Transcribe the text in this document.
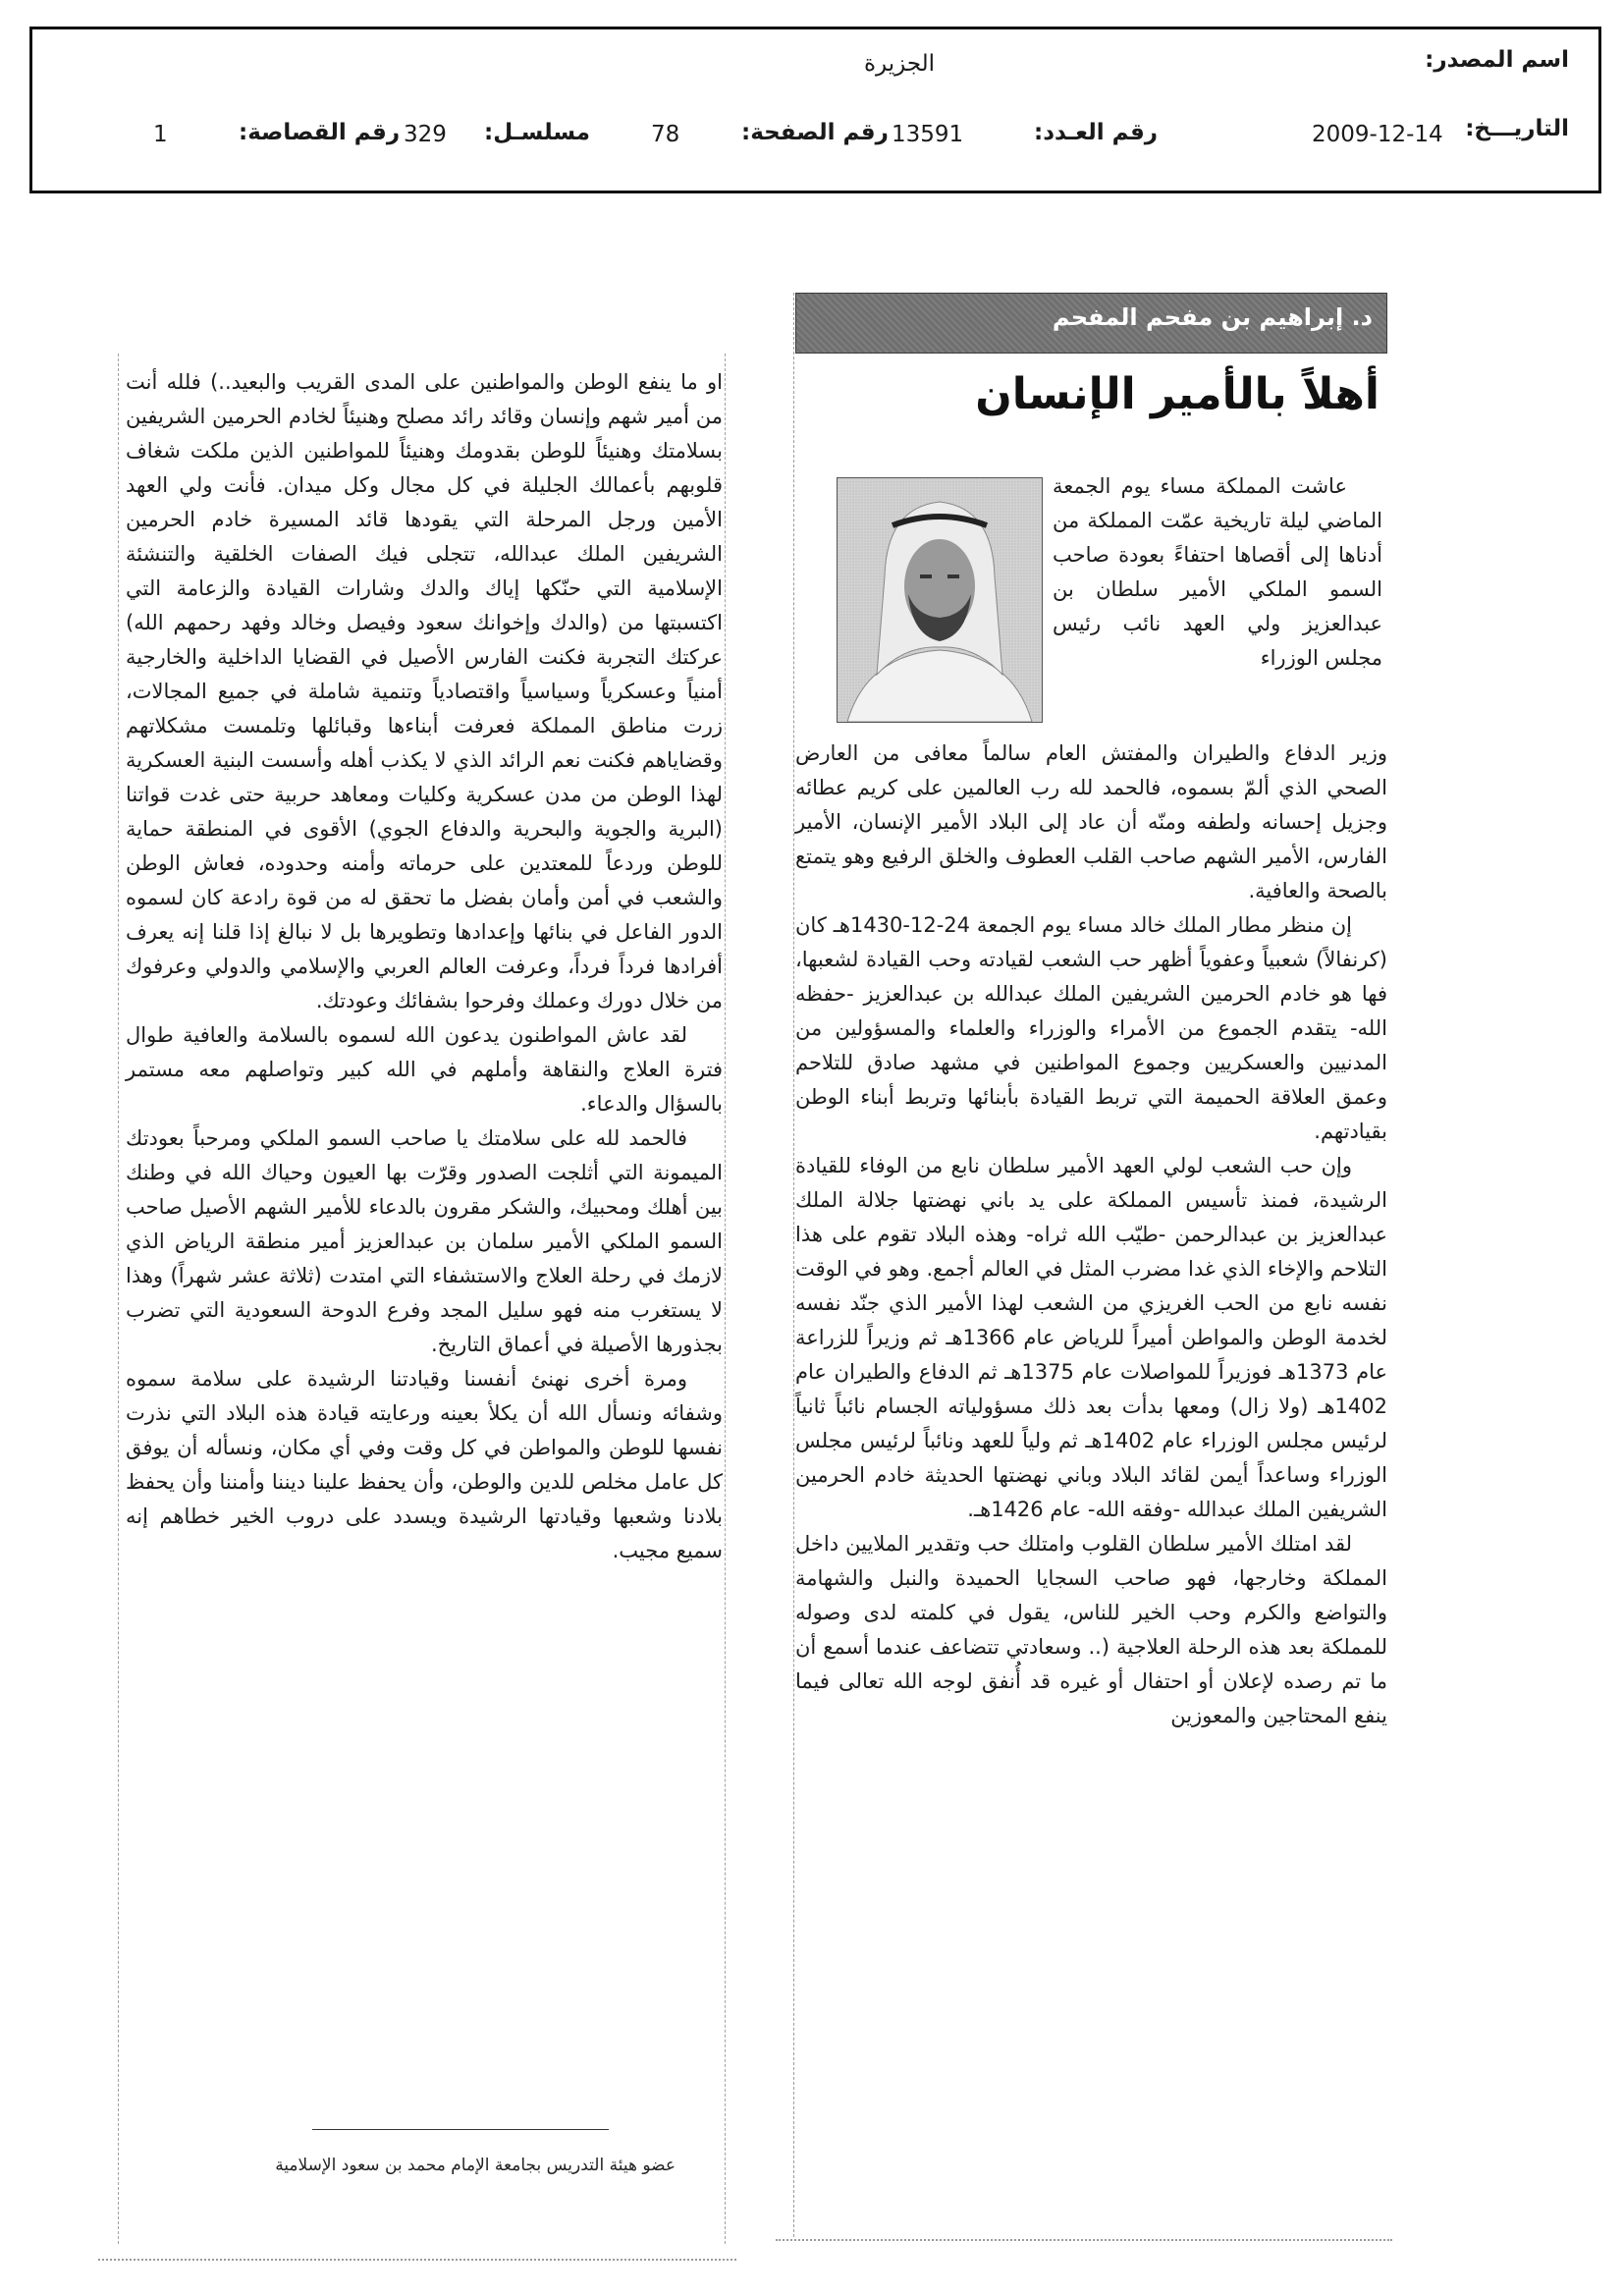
اسم المصدر:
الجزيرة
التاريـــخ:
2009-12-14
رقم العـدد:
13591
رقم الصفحة:
78
مسلسـل:
329
رقم القصاصة:
1
د. إبراهيم بن مفحم المفحم
أهلاً بالأمير الإنسان

عاشت المملكة مساء يوم الجمعة الماضي ليلة تاريخية عمّت المملكة من أدناها إلى أقصاها احتفاءً بعودة صاحب السمو الملكي الأمير سلطان بن عبدالعزيز ولي العهد نائب رئيس مجلس الوزراء

وزير الدفاع والطيران والمفتش العام سالماً معافى من العارض الصحي الذي ألمّ بسموه، فالحمد لله رب العالمين على كريم عطائه وجزيل إحسانه ولطفه ومنّه أن عاد إلى البلاد الأمير الإنسان، الأمير الفارس، الأمير الشهم صاحب القلب العطوف والخلق الرفيع وهو يتمتع بالصحة والعافية.

إن منظر مطار الملك خالد مساء يوم الجمعة 24-12-1430هـ كان (كرنفالاً) شعبياً وعفوياً أظهر حب الشعب لقيادته وحب القيادة لشعبها، فها هو خادم الحرمين الشريفين الملك عبدالله بن عبدالعزيز -حفظه الله- يتقدم الجموع من الأمراء والوزراء والعلماء والمسؤولين من المدنيين والعسكريين وجموع المواطنين في مشهد صادق للتلاحم وعمق العلاقة الحميمة التي تربط القيادة بأبنائها وتربط أبناء الوطن بقيادتهم.

وإن حب الشعب لولي العهد الأمير سلطان نابع من الوفاء للقيادة الرشيدة، فمنذ تأسيس المملكة على يد باني نهضتها جلالة الملك عبدالعزيز بن عبدالرحمن -طيّب الله ثراه- وهذه البلاد تقوم على هذا التلاحم والإخاء الذي غدا مضرب المثل في العالم أجمع. وهو في الوقت نفسه نابع من الحب الغريزي من الشعب لهذا الأمير الذي جنّد نفسه لخدمة الوطن والمواطن أميراً للرياض عام 1366هـ ثم وزيراً للزراعة عام 1373هـ فوزيراً للمواصلات عام 1375هـ ثم الدفاع والطيران عام 1402هـ (ولا زال) ومعها بدأت بعد ذلك مسؤولياته الجسام نائباً ثانياً لرئيس مجلس الوزراء عام 1402هـ ثم ولياً للعهد ونائباً لرئيس مجلس الوزراء وساعداً أيمن لقائد البلاد وباني نهضتها الحديثة خادم الحرمين الشريفين الملك عبدالله -وفقه الله- عام 1426هـ.

لقد امتلك الأمير سلطان القلوب وامتلك حب وتقدير الملايين داخل المملكة وخارجها، فهو صاحب السجايا الحميدة والنبل والشهامة والتواضع والكرم وحب الخير للناس، يقول في كلمته لدى وصوله للمملكة بعد هذه الرحلة العلاجية (.. وسعادتي تتضاعف عندما أسمع أن ما تم رصده لإعلان أو احتفال أو غيره قد أُنفق لوجه الله تعالى فيما ينفع المحتاجين والمعوزين

او ما ينفع الوطن والمواطنين على المدى القريب والبعيد..) فلله أنت من أمير شهم وإنسان وقائد رائد مصلح وهنيئاً لخادم الحرمين الشريفين بسلامتك وهنيئاً للوطن بقدومك وهنيئاً للمواطنين الذين ملكت شغاف قلوبهم بأعمالك الجليلة في كل مجال وكل ميدان. فأنت ولي العهد الأمين ورجل المرحلة التي يقودها قائد المسيرة خادم الحرمين الشريفين الملك عبدالله، تتجلى فيك الصفات الخلقية والتنشئة الإسلامية التي حنّكها إياك والدك وشارات القيادة والزعامة التي اكتسبتها من (والدك وإخوانك سعود وفيصل وخالد وفهد رحمهم الله) عركتك التجربة فكنت الفارس الأصيل في القضايا الداخلية والخارجية أمنياً وعسكرياً وسياسياً واقتصادياً وتنمية شاملة في جميع المجالات، زرت مناطق المملكة فعرفت أبناءها وقبائلها وتلمست مشكلاتهم وقضاياهم فكنت نعم الرائد الذي لا يكذب أهله وأسست البنية العسكرية لهذا الوطن من مدن عسكرية وكليات ومعاهد حربية حتى غدت قواتنا (البرية والجوية والبحرية والدفاع الجوي) الأقوى في المنطقة حماية للوطن وردعاً للمعتدين على حرماته وأمنه وحدوده، فعاش الوطن والشعب في أمن وأمان بفضل ما تحقق له من قوة رادعة كان لسموه الدور الفاعل في بنائها وإعدادها وتطويرها بل لا نبالغ إذا قلنا إنه يعرف أفرادها فرداً فرداً، وعرفت العالم العربي والإسلامي والدولي وعرفوك من خلال دورك وعملك وفرحوا بشفائك وعودتك.

لقد عاش المواطنون يدعون الله لسموه بالسلامة والعافية طوال فترة العلاج والنقاهة وأملهم في الله كبير وتواصلهم معه مستمر بالسؤال والدعاء.

فالحمد لله على سلامتك يا صاحب السمو الملكي ومرحباً بعودتك الميمونة التي أثلجت الصدور وقرّت بها العيون وحياك الله في وطنك بين أهلك ومحبيك، والشكر مقرون بالدعاء للأمير الشهم الأصيل صاحب السمو الملكي الأمير سلمان بن عبدالعزيز أمير منطقة الرياض الذي لازمك في رحلة العلاج والاستشفاء التي امتدت (ثلاثة عشر شهراً) وهذا لا يستغرب منه فهو سليل المجد وفرع الدوحة السعودية التي تضرب بجذورها الأصيلة في أعماق التاريخ.

ومرة أخرى نهنئ أنفسنا وقيادتنا الرشيدة على سلامة سموه وشفائه ونسأل الله أن يكلأ بعينه ورعايته قيادة هذه البلاد التي نذرت نفسها للوطن والمواطن في كل وقت وفي أي مكان، ونسأله أن يوفق كل عامل مخلص للدين والوطن، وأن يحفظ علينا ديننا وأمننا وأن يحفظ بلادنا وشعبها وقيادتها الرشيدة ويسدد على دروب الخير خطاهم إنه سميع مجيب.

عضو هيئة التدريس بجامعة الإمام محمد بن سعود الإسلامية
